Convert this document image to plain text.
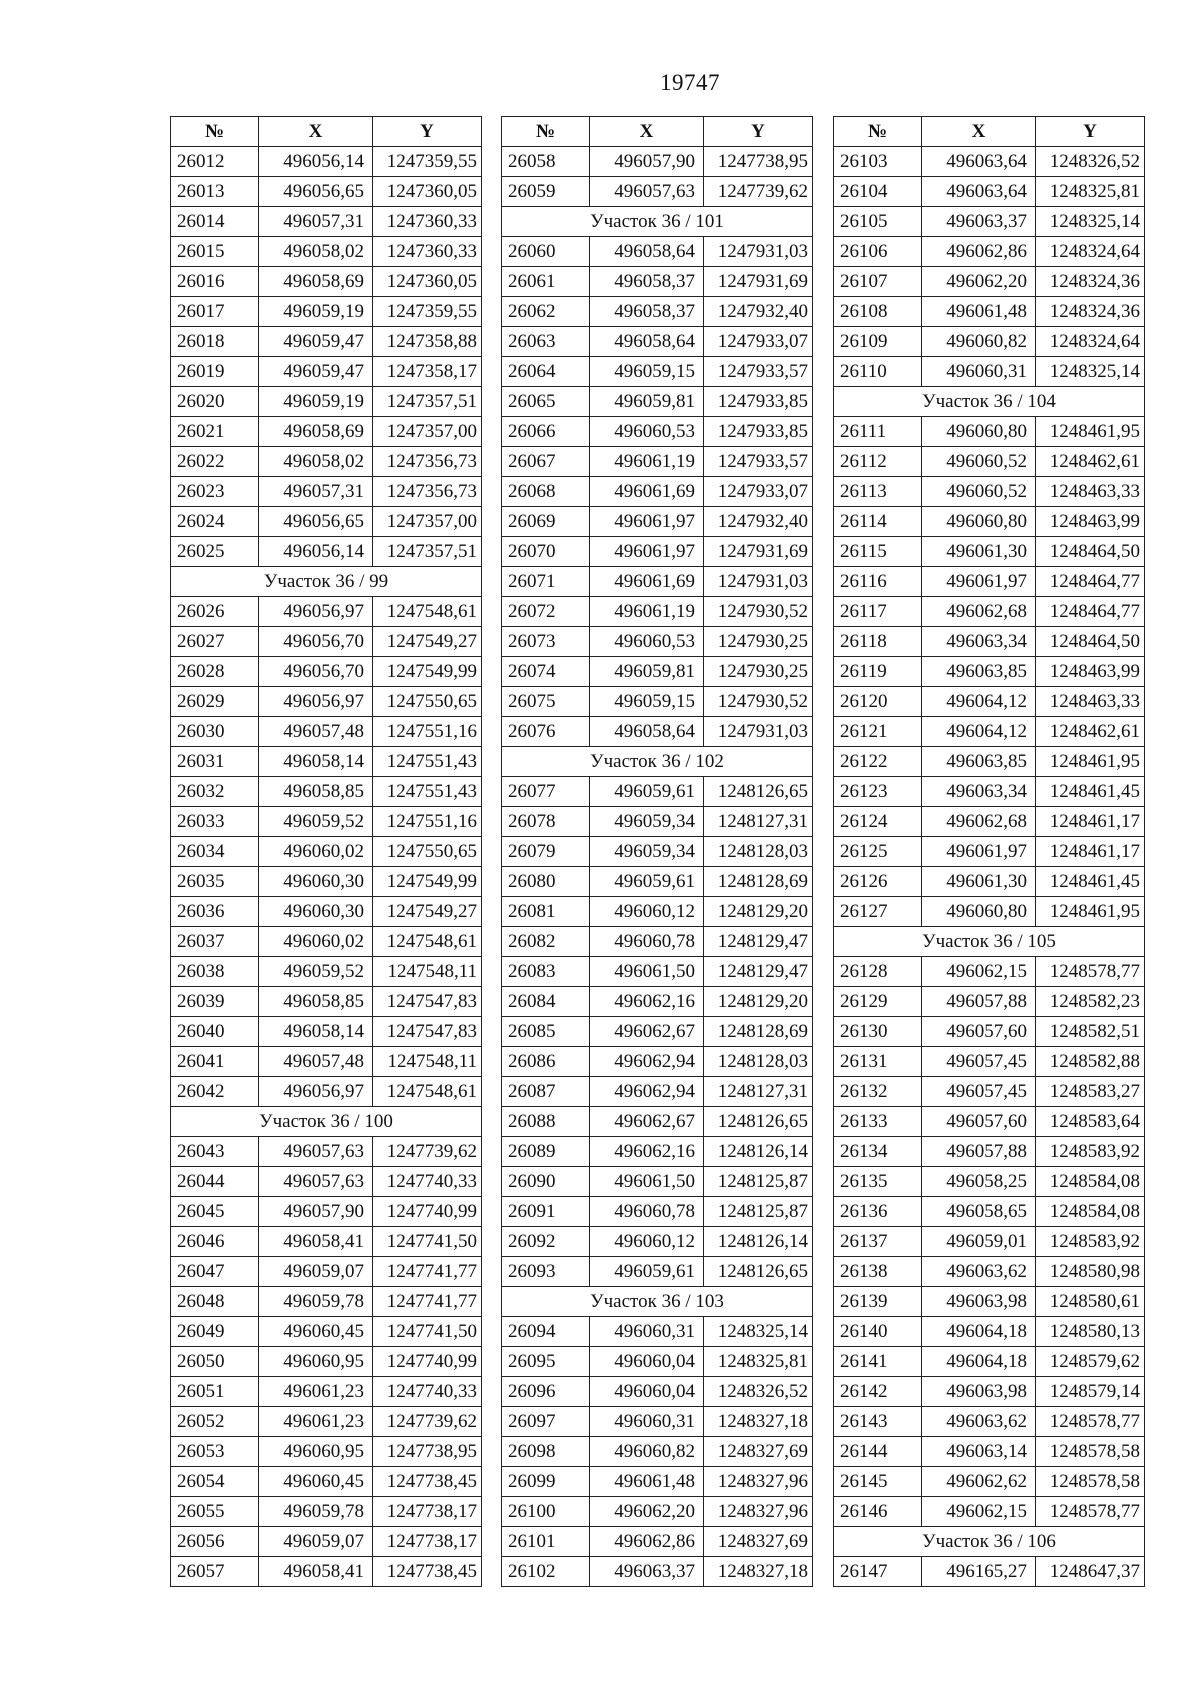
19747
№	X	Y
26012	496056,14	1247359,55
26013	496056,65	1247360,05
26014	496057,31	1247360,33
26015	496058,02	1247360,33
26016	496058,69	1247360,05
26017	496059,19	1247359,55
26018	496059,47	1247358,88
26019	496059,47	1247358,17
26020	496059,19	1247357,51
26021	496058,69	1247357,00
26022	496058,02	1247356,73
26023	496057,31	1247356,73
26024	496056,65	1247357,00
26025	496056,14	1247357,51
Участок 36 / 99		
26026	496056,97	1247548,61
26027	496056,70	1247549,27
26028	496056,70	1247549,99
26029	496056,97	1247550,65
26030	496057,48	1247551,16
26031	496058,14	1247551,43
26032	496058,85	1247551,43
26033	496059,52	1247551,16
26034	496060,02	1247550,65
26035	496060,30	1247549,99
26036	496060,30	1247549,27
26037	496060,02	1247548,61
26038	496059,52	1247548,11
26039	496058,85	1247547,83
26040	496058,14	1247547,83
26041	496057,48	1247548,11
26042	496056,97	1247548,61
Участок 36 / 100		
26043	496057,63	1247739,62
26044	496057,63	1247740,33
26045	496057,90	1247740,99
26046	496058,41	1247741,50
26047	496059,07	1247741,77
26048	496059,78	1247741,77
26049	496060,45	1247741,50
26050	496060,95	1247740,99
26051	496061,23	1247740,33
26052	496061,23	1247739,62
26053	496060,95	1247738,95
26054	496060,45	1247738,45
26055	496059,78	1247738,17
26056	496059,07	1247738,17
26057	496058,41	1247738,45
№	X	Y
26058	496057,90	1247738,95
26059	496057,63	1247739,62
Участок 36 / 101		
26060	496058,64	1247931,03
26061	496058,37	1247931,69
26062	496058,37	1247932,40
26063	496058,64	1247933,07
26064	496059,15	1247933,57
26065	496059,81	1247933,85
26066	496060,53	1247933,85
26067	496061,19	1247933,57
26068	496061,69	1247933,07
26069	496061,97	1247932,40
26070	496061,97	1247931,69
26071	496061,69	1247931,03
26072	496061,19	1247930,52
26073	496060,53	1247930,25
26074	496059,81	1247930,25
26075	496059,15	1247930,52
26076	496058,64	1247931,03
Участок 36 / 102		
26077	496059,61	1248126,65
26078	496059,34	1248127,31
26079	496059,34	1248128,03
26080	496059,61	1248128,69
26081	496060,12	1248129,20
26082	496060,78	1248129,47
26083	496061,50	1248129,47
26084	496062,16	1248129,20
26085	496062,67	1248128,69
26086	496062,94	1248128,03
26087	496062,94	1248127,31
26088	496062,67	1248126,65
26089	496062,16	1248126,14
26090	496061,50	1248125,87
26091	496060,78	1248125,87
26092	496060,12	1248126,14
26093	496059,61	1248126,65
Участок 36 / 103		
26094	496060,31	1248325,14
26095	496060,04	1248325,81
26096	496060,04	1248326,52
26097	496060,31	1248327,18
26098	496060,82	1248327,69
26099	496061,48	1248327,96
26100	496062,20	1248327,96
26101	496062,86	1248327,69
26102	496063,37	1248327,18
№	X	Y
26103	496063,64	1248326,52
26104	496063,64	1248325,81
26105	496063,37	1248325,14
26106	496062,86	1248324,64
26107	496062,20	1248324,36
26108	496061,48	1248324,36
26109	496060,82	1248324,64
26110	496060,31	1248325,14
Участок 36 / 104		
26111	496060,80	1248461,95
26112	496060,52	1248462,61
26113	496060,52	1248463,33
26114	496060,80	1248463,99
26115	496061,30	1248464,50
26116	496061,97	1248464,77
26117	496062,68	1248464,77
26118	496063,34	1248464,50
26119	496063,85	1248463,99
26120	496064,12	1248463,33
26121	496064,12	1248462,61
26122	496063,85	1248461,95
26123	496063,34	1248461,45
26124	496062,68	1248461,17
26125	496061,97	1248461,17
26126	496061,30	1248461,45
26127	496060,80	1248461,95
Участок 36 / 105		
26128	496062,15	1248578,77
26129	496057,88	1248582,23
26130	496057,60	1248582,51
26131	496057,45	1248582,88
26132	496057,45	1248583,27
26133	496057,60	1248583,64
26134	496057,88	1248583,92
26135	496058,25	1248584,08
26136	496058,65	1248584,08
26137	496059,01	1248583,92
26138	496063,62	1248580,98
26139	496063,98	1248580,61
26140	496064,18	1248580,13
26141	496064,18	1248579,62
26142	496063,98	1248579,14
26143	496063,62	1248578,77
26144	496063,14	1248578,58
26145	496062,62	1248578,58
26146	496062,15	1248578,77
Участок 36 / 106		
26147	496165,27	1248647,37
